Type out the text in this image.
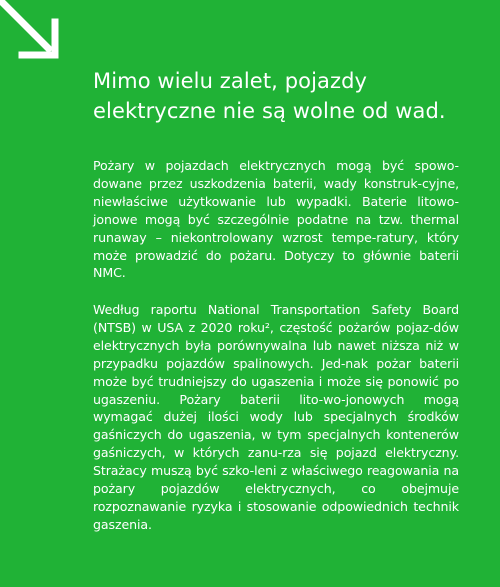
Mimo wielu zalet, pojazdy elektryczne nie są wolne od wad.

Pożary w pojazdach elektrycznych mogą być spowo-dowane przez uszkodzenia baterii, wady konstruk-cyjne, niewłaściwe użytkowanie lub wypadki. Baterie litowo-jonowe mogą być szczególnie podatne na tzw. thermal runaway – niekontrolowany wzrost tempe-ratury, który może prowadzić do pożaru. Dotyczy to głównie baterii NMC.

Według raportu National Transportation Safety Board (NTSB) w USA z 2020 roku², częstość pożarów pojaz-dów elektrycznych była porównywalna lub nawet niższa niż w przypadku pojazdów spalinowych. Jed-nak pożar baterii może być trudniejszy do ugaszenia i może się ponowić po ugaszeniu. Pożary baterii lito-wo-jonowych mogą wymagać dużej ilości wody lub specjalnych środków gaśniczych do ugaszenia, w tym specjalnych kontenerów gaśniczych, w których zanu-rza się pojazd elektryczny. Strażacy muszą być szko-leni z właściwego reagowania na pożary pojazdów elektrycznych, co obejmuje rozpoznawanie ryzyka i stosowanie odpowiednich technik gaszenia.
